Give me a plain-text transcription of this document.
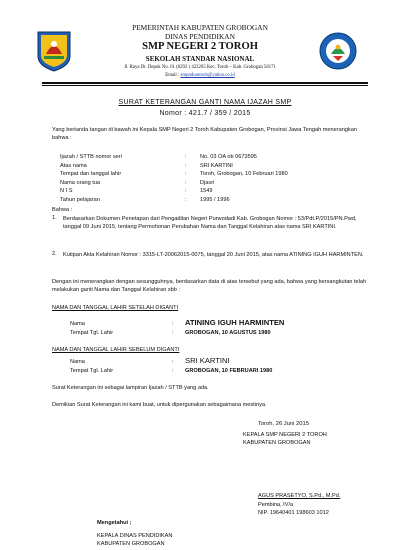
PEMERINTAH KABUPATEN GROBOGAN
DINAS PENDIDIKAN
SMP NEGERI 2 TOROH
SEKOLAH STANDAR NASIONAL
Jl. Raya Dr. Depok No. 61 (0292 ) 422205 Kec. Toroh – Kab. Grobogan 58171
Email : smpnduatoroh@yahoo.co.id
SURAT KETERANGAN GANTI NAMA IJAZAH SMP
Nomor : 421.7 / 359 / 2015
Yang bertanda tangan di bawah ini Kepala SMP Negeri 2 Toroh Kabupaten Grobogan, Provinsi Jawa Tengah menerangkan bahwa :
Ijazah / STTB nomor seri	: No. 03 OA ob 0673595
Atas nama	: SRI KARTINI
Tempat dan tanggal lahir	: Toroh, Grobogan, 10 Februari 1980
Nama orang tua	: Djasri
N I S	: 1549
Tahun pelajaran	: 1995 / 1996
Bahwa :
1. Berdasarkan Dokumen Penetapan dari Pengadilan Negeri Purwodadi Kab. Grobogan Nomor : 53/Pdt.P/2015/PN.Pwd, tanggal 09 Juni 2015, tentang Permohonan Perubahan Nama dan Tanggal Kelahiran atas nama SRI KARTINI.
2. Kutipan Akta Kelahiran Nomor : 3315-LT-20062015-0075, tanggal 20 Juni 2015, atas nama ATINING IGUH HARMINTEN.
Dengan ini menerangkan dengan sesungguhnya, berdasarkan data di atas tersebut yang ada, bahwa yang bersangkutan telah melakukan ganti Nama dan Tanggal Kelahiran sbb :
NAMA DAN TANGGAL LAHIR SETELAH DIGANTI
Nama	: ATINING IGUH HARMINTEN
Tempat Tgl. Lahir	: GROBOGAN, 10 AGUSTUS 1980
NAMA DAN TANGGAL LAHIR SEBELUM DIGANTI
Nama	: SRI KARTINI
Tempat Tgl. Lahir	: GROBOGAN, 10 FEBRUARI 1980
Surat Keterangan ini sebagai lampiran Ijazah / STTB yang ada.
Demikian Surat Keterangan ini kami buat, untuk dipergunakan sebagaimana mestinya.
Toroh, 26 Juni 2015
KEPALA SMP NEGERI 2 TOROH
KABUPATEN GROBOGAN
AGUS PRASETYO, S.Pd., M.Pd.
Pembina, IV/a
NIP. 19640401 198603 1012
Mengetahui ;
KEPALA DINAS PENDIDIKAN
KABUPATEN GROBOGAN
